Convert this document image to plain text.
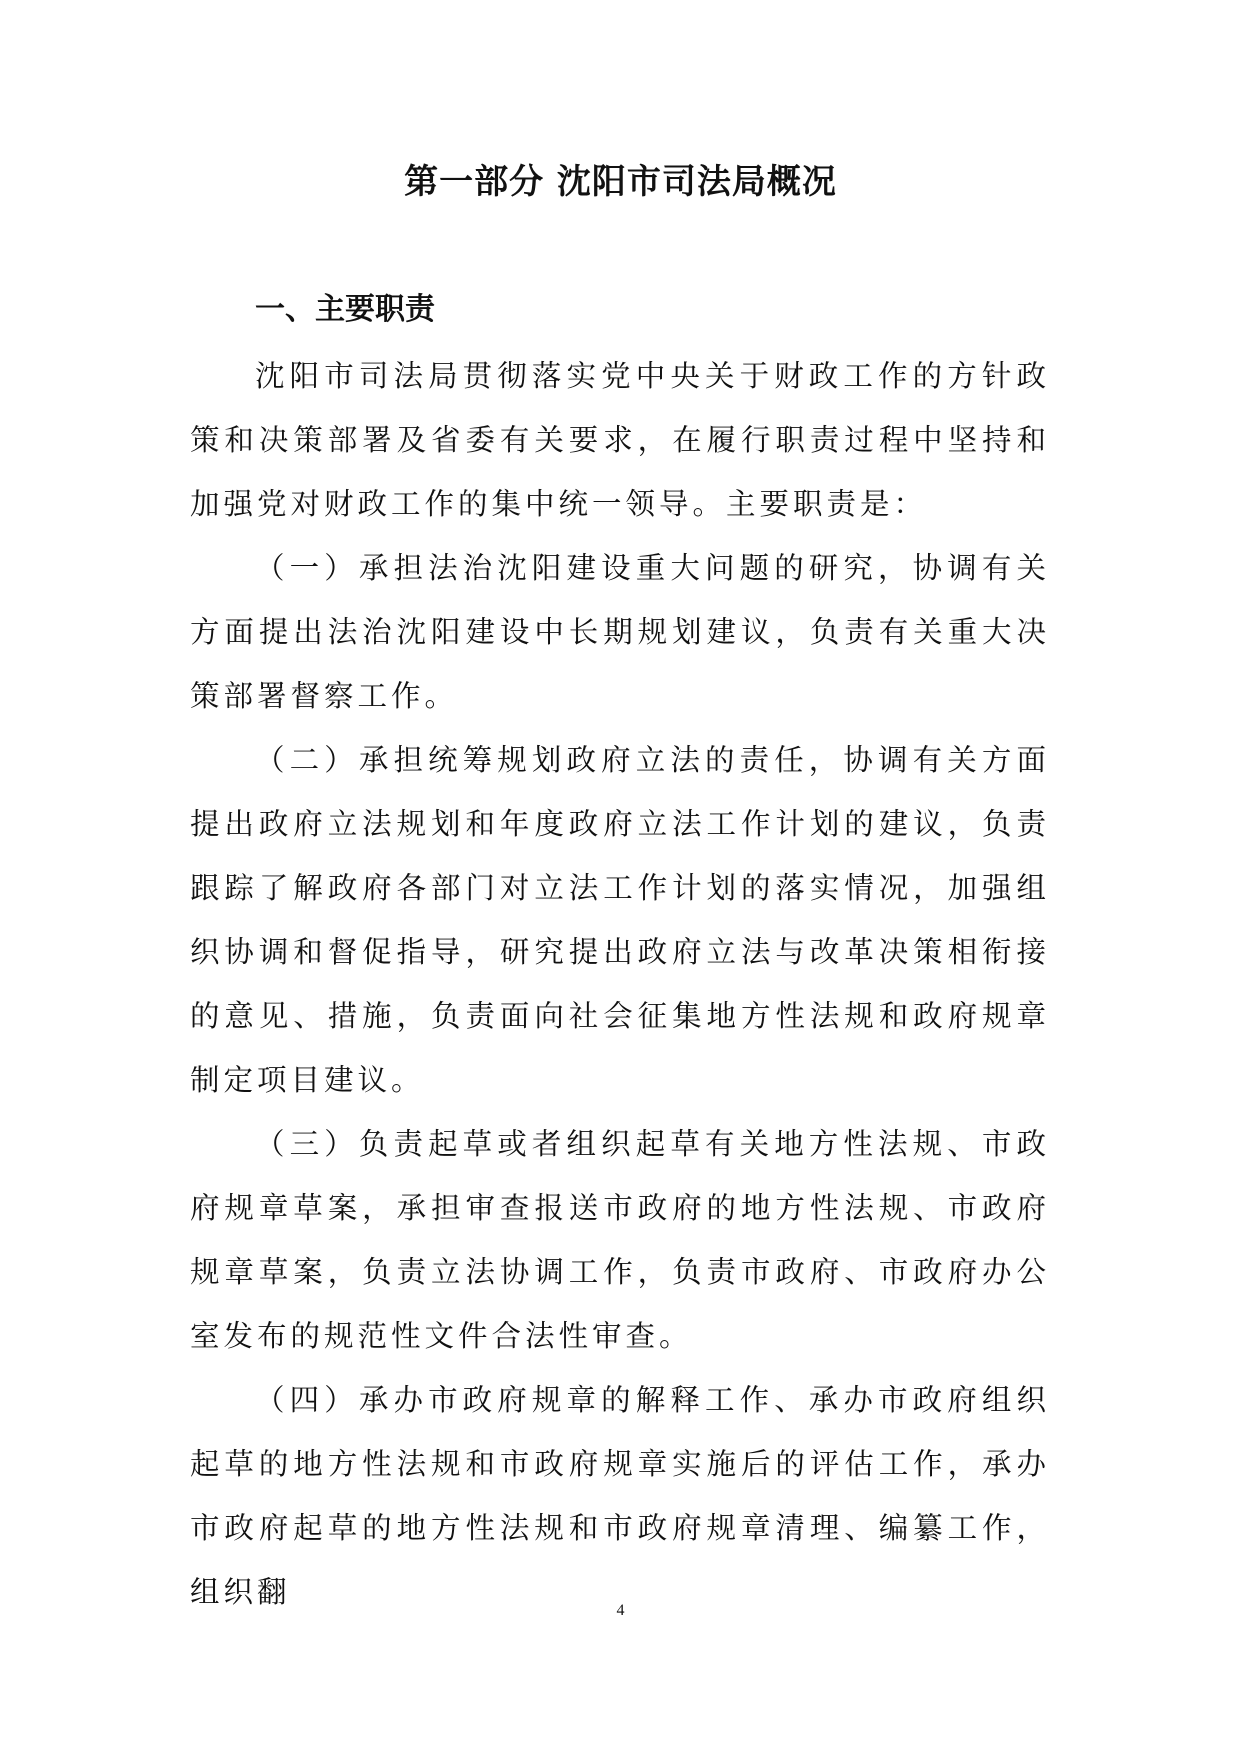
第一部分 沈阳市司法局概况
一、主要职责

沈阳市司法局贯彻落实党中央关于财政工作的方针政策和决策部署及省委有关要求，在履行职责过程中坚持和加强党对财政工作的集中统一领导。主要职责是：

（一）承担法治沈阳建设重大问题的研究，协调有关方面提出法治沈阳建设中长期规划建议，负责有关重大决策部署督察工作。

（二）承担统筹规划政府立法的责任，协调有关方面提出政府立法规划和年度政府立法工作计划的建议，负责跟踪了解政府各部门对立法工作计划的落实情况，加强组织协调和督促指导，研究提出政府立法与改革决策相衔接的意见、措施，负责面向社会征集地方性法规和政府规章制定项目建议。

（三）负责起草或者组织起草有关地方性法规、市政府规章草案，承担审查报送市政府的地方性法规、市政府规章草案，负责立法协调工作，负责市政府、市政府办公室发布的规范性文件合法性审查。

（四）承办市政府规章的解释工作、承办市政府组织起草的地方性法规和市政府规章实施后的评估工作，承办市政府起草的地方性法规和市政府规章清理、编纂工作，组织翻

4
